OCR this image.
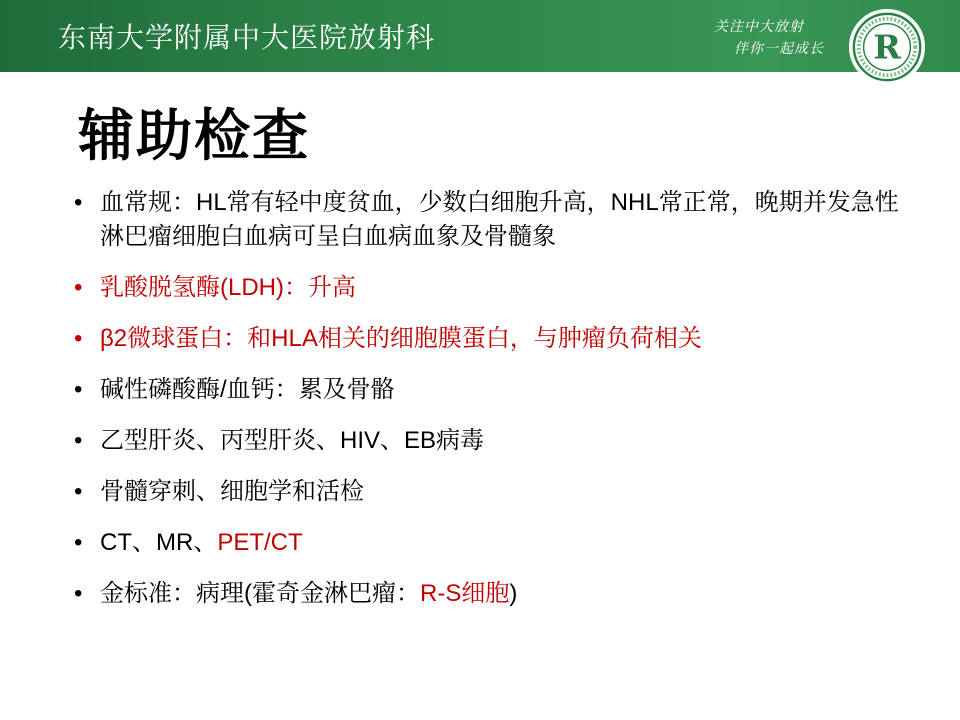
东南大学附属中大医院放射科	关注中大放射
伴你一起成长 R
辅助检查
• 血常规：HL常有轻中度贫血，少数白细胞升高，NHL常正常，晚期并发急性淋巴瘤细胞白血病可呈白血病血象及骨髓象
• 乳酸脱氢酶(LDH)：升高
• β2微球蛋白：和HLA相关的细胞膜蛋白，与肿瘤负荷相关
• 碱性磷酸酶/血钙：累及骨骼
• 乙型肝炎、丙型肝炎、HIV、EB病毒
• 骨髓穿刺、细胞学和活检
• CT、MR、PET/CT
• 金标准：病理(霍奇金淋巴瘤：R-S细胞)
